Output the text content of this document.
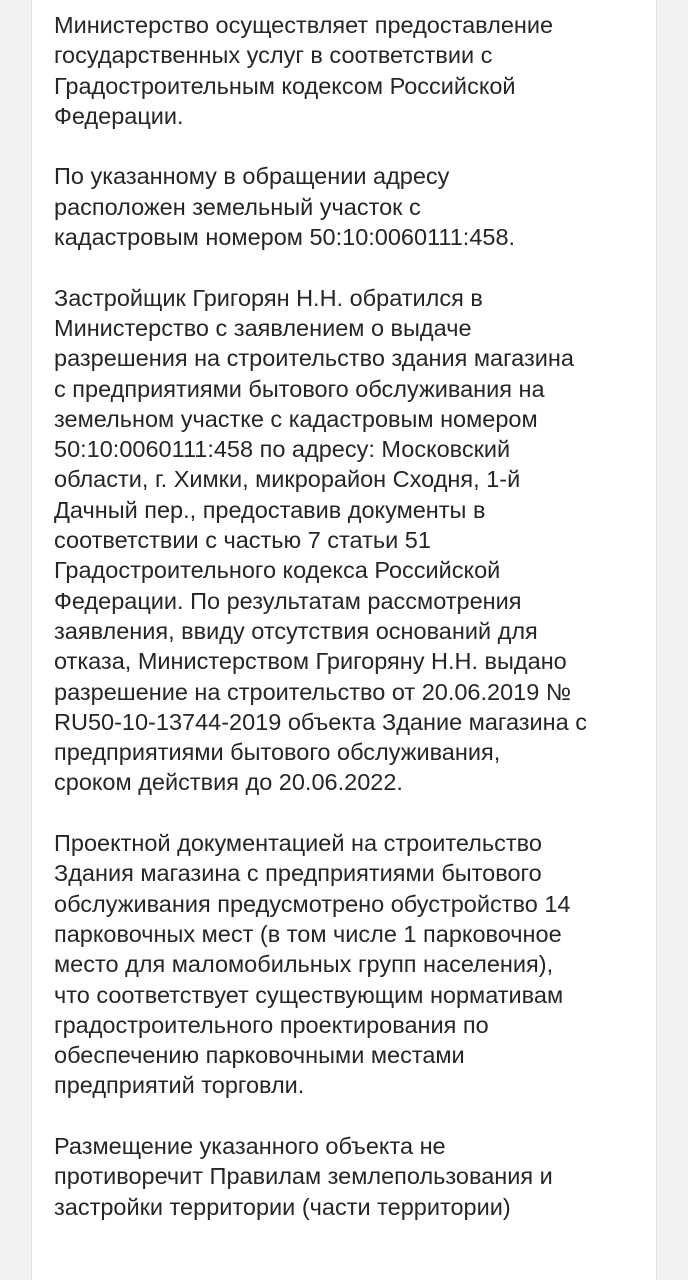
Министерство осуществляет предоставление
государственных услуг в соответствии с
Градостроительным кодексом Российской
Федерации.
По указанному в обращении адресу
расположен земельный участок с
кадастровым номером 50:10:0060111:458.
Застройщик Григорян Н.Н. обратился в
Министерство с заявлением о выдаче
разрешения на строительство здания магазина
с предприятиями бытового обслуживания на
земельном участке с кадастровым номером
50:10:0060111:458 по адресу: Московский
области, г. Химки, микрорайон Сходня, 1-й
Дачный пер., предоставив документы в
соответствии с частью 7 статьи 51
Градостроительного кодекса Российской
Федерации. По результатам рассмотрения
заявления, ввиду отсутствия оснований для
отказа, Министерством Григоряну Н.Н. выдано
разрешение на строительство от 20.06.2019 №
RU50-10-13744-2019 объекта Здание магазина с
предприятиями бытового обслуживания,
сроком действия до 20.06.2022.
Проектной документацией на строительство
Здания магазина с предприятиями бытового
обслуживания предусмотрено обустройство 14
парковочных мест (в том числе 1 парковочное
место для маломобильных групп населения),
что соответствует существующим нормативам
градостроительного проектирования по
обеспечению парковочными местами
предприятий торговли.
Размещение указанного объекта не
противоречит Правилам землепользования и
застройки территории (части территории)
